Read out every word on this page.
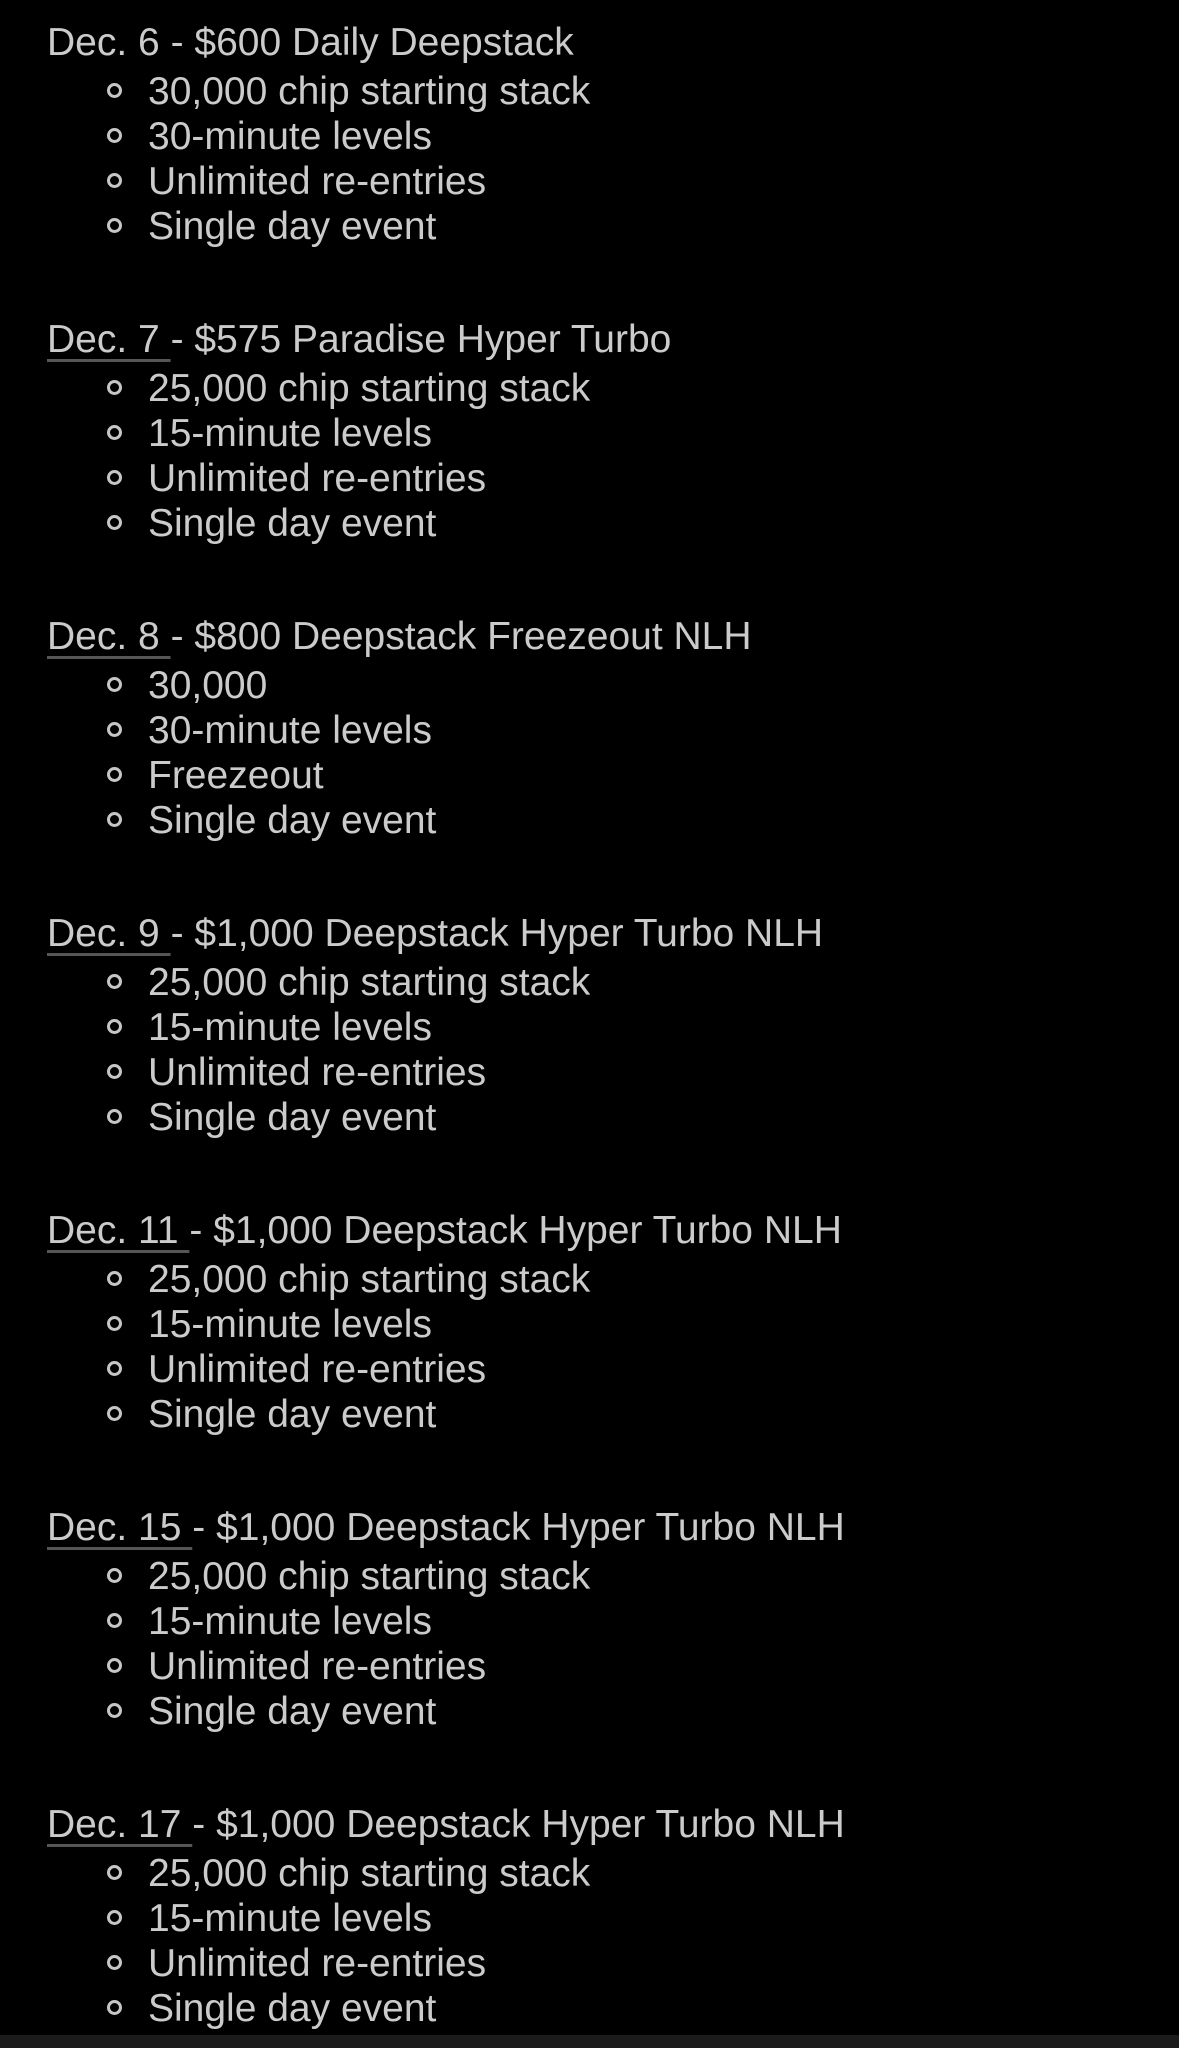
Dec. 6 - $600 Daily Deepstack
30,000 chip starting stack
30-minute levels
Unlimited re-entries
Single day event
Dec. 7 - $575 Paradise Hyper Turbo
25,000 chip starting stack
15-minute levels
Unlimited re-entries
Single day event
Dec. 8 - $800 Deepstack Freezeout NLH
30,000
30-minute levels
Freezeout
Single day event
Dec. 9 - $1,000 Deepstack Hyper Turbo NLH
25,000 chip starting stack
15-minute levels
Unlimited re-entries
Single day event
Dec. 11 - $1,000 Deepstack Hyper Turbo NLH
25,000 chip starting stack
15-minute levels
Unlimited re-entries
Single day event
Dec. 15 - $1,000 Deepstack Hyper Turbo NLH
25,000 chip starting stack
15-minute levels
Unlimited re-entries
Single day event
Dec. 17 - $1,000 Deepstack Hyper Turbo NLH
25,000 chip starting stack
15-minute levels
Unlimited re-entries
Single day event
